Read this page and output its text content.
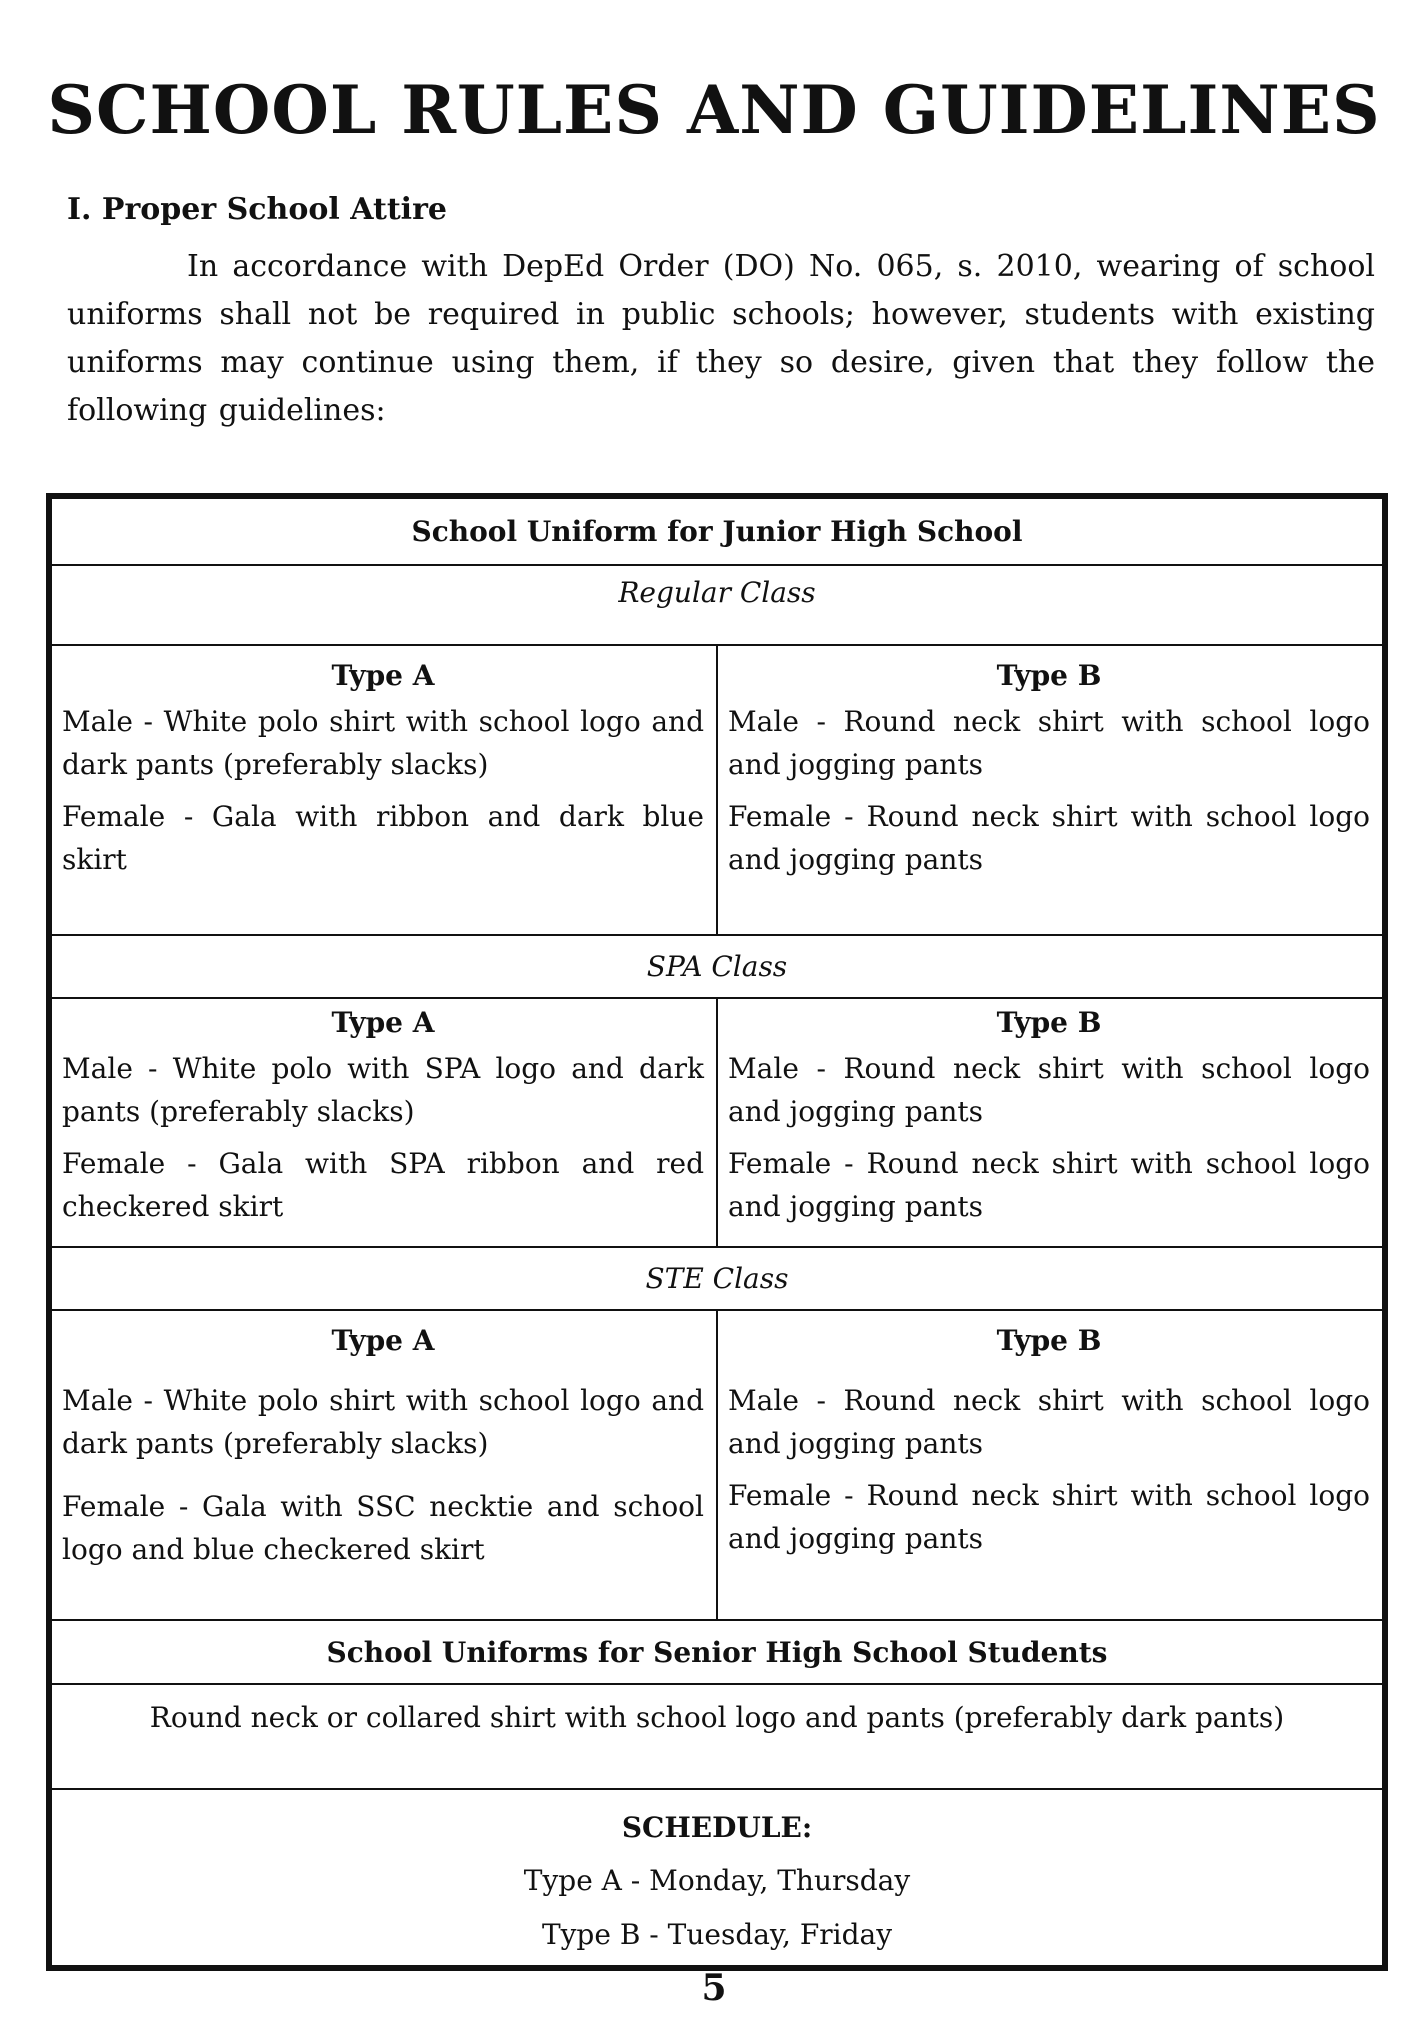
SCHOOL RULES AND GUIDELINES
I. Proper School Attire

In accordance with DepEd Order (DO) No. 065, s. 2010, wearing of school uniforms shall not be required in public schools; however, students with existing uniforms may continue using them, if they so desire, given that they follow the following guidelines:

School Uniform for Junior High School
Regular Class
Type A

Male - White polo shirt with school logo and dark pants (preferably slacks)

Female - Gala with ribbon and dark blue skirt

Type B

Male - Round neck shirt with school logo and jogging pants

Female - Round neck shirt with school logo and jogging pants

SPA Class
Type A

Male - White polo with SPA logo and dark pants (preferably slacks)

Female - Gala with SPA ribbon and red checkered skirt

Type B

Male - Round neck shirt with school logo and jogging pants

Female - Round neck shirt with school logo and jogging pants

STE Class
Type A

Male - White polo shirt with school logo and dark pants (preferably slacks)

Female - Gala with SSC necktie and school logo and blue checkered skirt

Type B

Male - Round neck shirt with school logo and jogging pants

Female - Round neck shirt with school logo and jogging pants

School Uniforms for Senior High School Students
Round neck or collared shirt with school logo and pants (preferably dark pants)
SCHEDULE:
Type A - Monday, Thursday
Type B - Tuesday, Friday
5
